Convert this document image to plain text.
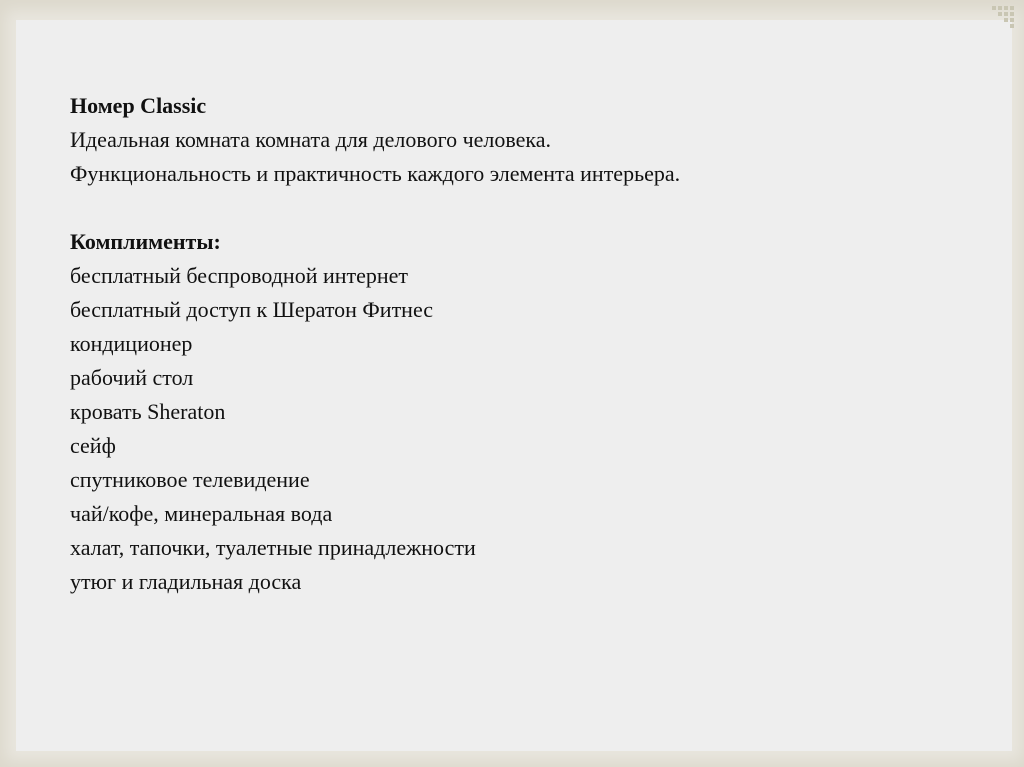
Номер Classic
Идеальная комната комната для делового человека.
Функциональность и практичность каждого элемента интерьера.
Комплименты:
бесплатный беспроводной интернет
бесплатный доступ к Шератон Фитнес
кондиционер
рабочий стол
кровать Sheraton
сейф
спутниковое телевидение
чай/кофе, минеральная вода
халат, тапочки, туалетные принадлежности
утюг и гладильная доска
